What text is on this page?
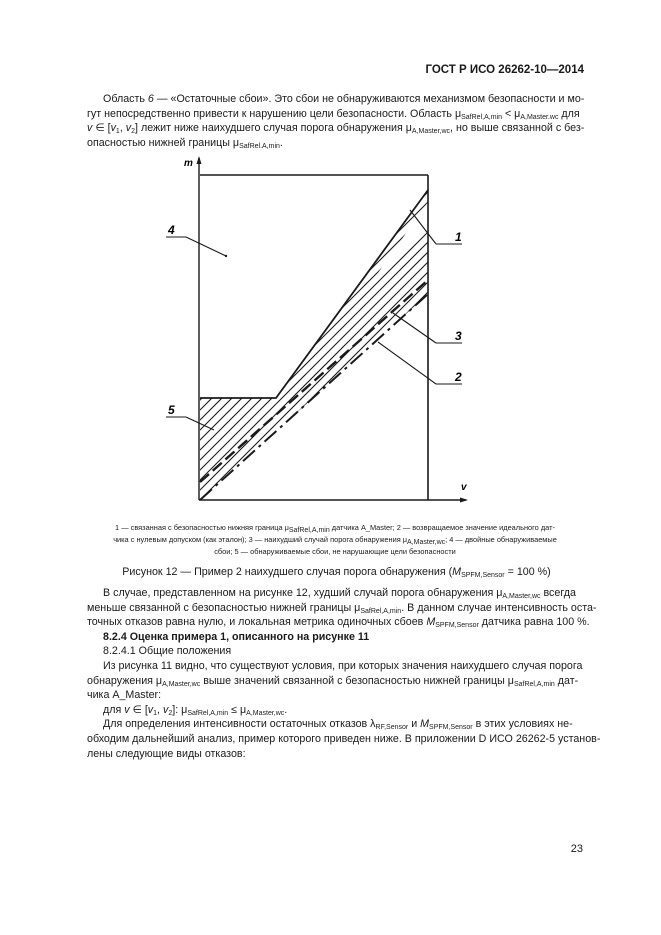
ГОСТ Р ИСО 26262-10—2014
Область 6 — «Остаточные сбои». Это сбои не обнаруживаются механизмом безопасности и мо-
гут непосредственно привести к нарушению цели безопасности. Область $\mu_{SafRel,A,min} < \mu_{A,Master.wc}$ для
v ∈ [$v_1$, $v_2$] лежит ниже наихудшего случая порога обнаружения $\mu_{A,Master,wc}$, но выше связанной с без-
опасностью нижней границы $\mu_{SafRel.A,min}$.
m
v
4	1
3
2
5
1 — связанная с безопасностью нижняя граница $\mu_{SafRel,A,min}$ датчика A_Master; 2 — возвращаемое значение идеального дат-
чика с нулевым допуском (как эталон); 3 — наихудший случай порога обнаружения $\mu_{A,Master,wc}$; 4 — двойные обнаруживаемые
сбои; 5 — обнаруживаемые сбои, не нарушающие цели безопасности
Рисунок 12 — Пример 2 наихудшего случая порога обнаружения ($M_{SPFM,Sensor} = 100$ %)
В случае, представленном на рисунке 12, худший случай порога обнаружения $\mu_{A,Master,wc}$ всегда
меньше связанной с безопасностью нижней границы $\mu_{SafRel,A,min}$. В данном случае интенсивность оста-
точных отказов равна нулю, и локальная метрика одиночных сбоев $M_{SPFM,Sensor}$ датчика равна 100 %.
8.2.4 Оценка примера 1, описанного на рисунке 11
8.2.4.1 Общие положения
Из рисунка 11 видно, что существуют условия, при которых значения наихудшего случая порога
обнаружения $\mu_{A,Master,wc}$ выше значений связанной с безопасностью нижней границы $\mu_{SafRel,A,min}$ дат-
чика A_Master:
для v ∈ [$v_1$, $v_2$]: $\mu_{SafRel,A,min} \le \mu_{A,Master,wc}$.
Для определения интенсивности остаточных отказов $\lambda_{RF,Sensor}$ и $M_{SPFM,Sensor}$ в этих условиях не-
обходим дальнейший анализ, пример которого приведен ниже. В приложении D ИСО 26262-5 установ-
лены следующие виды отказов:
23
